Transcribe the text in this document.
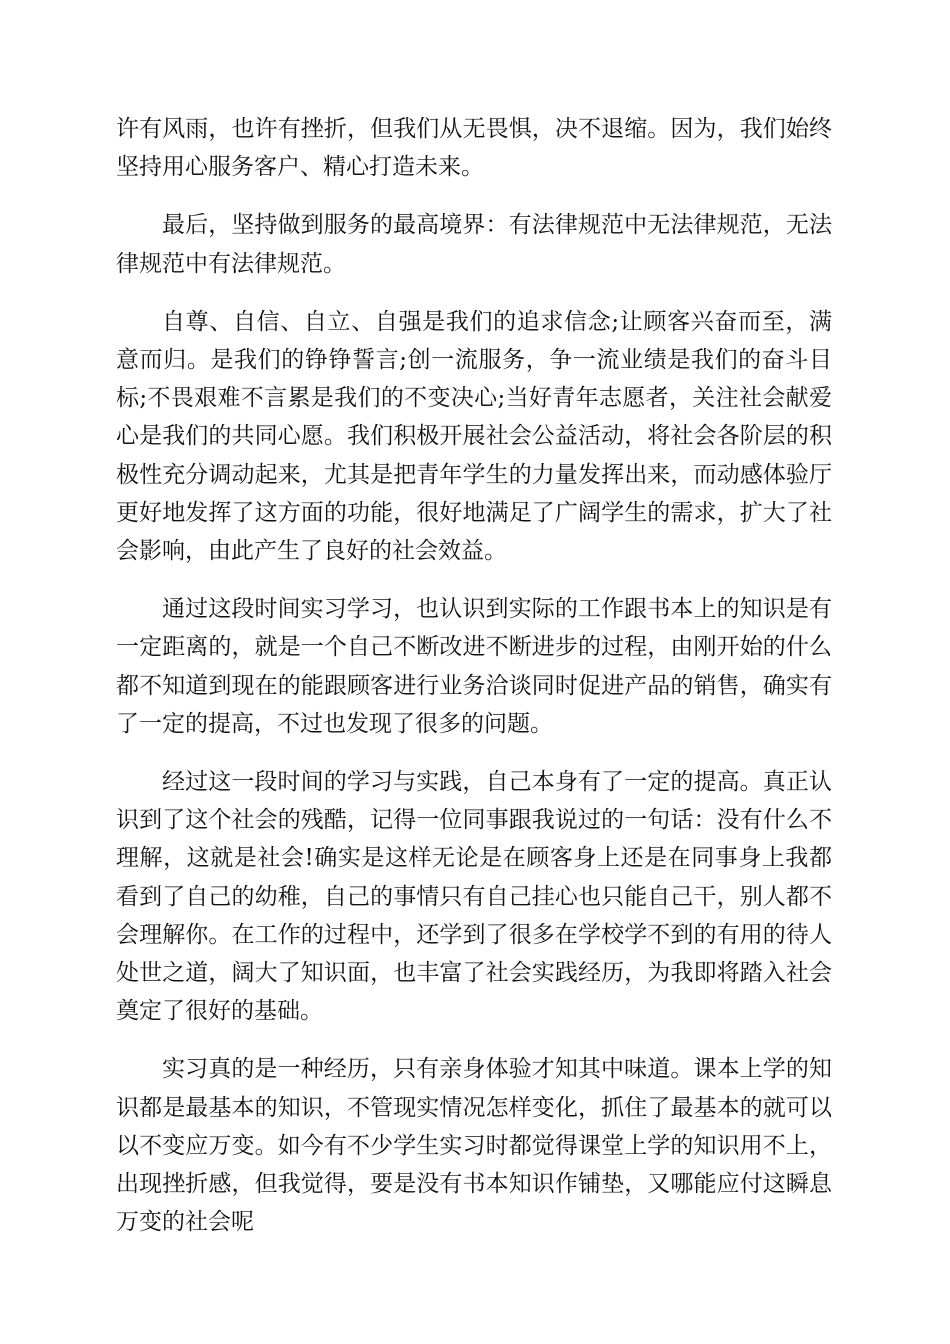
许有风雨，也许有挫折，但我们从无畏惧，决不退缩。因为，我们始终坚持用心服务客户、精心打造未来。

最后，坚持做到服务的最高境界：有法律规范中无法律规范，无法律规范中有法律规范。

自尊、自信、自立、自强是我们的追求信念;让顾客兴奋而至，满意而归。是我们的铮铮誓言;创一流服务，争一流业绩是我们的奋斗目标;不畏艰难不言累是我们的不变决心;当好青年志愿者，关注社会献爱心是我们的共同心愿。我们积极开展社会公益活动，将社会各阶层的积极性充分调动起来，尤其是把青年学生的力量发挥出来，而动感体验厅更好地发挥了这方面的功能，很好地满足了广阔学生的需求，扩大了社会影响，由此产生了良好的社会效益。

通过这段时间实习学习，也认识到实际的工作跟书本上的知识是有一定距离的，就是一个自己不断改进不断进步的过程，由刚开始的什么都不知道到现在的能跟顾客进行业务洽谈同时促进产品的销售，确实有了一定的提高，不过也发现了很多的问题。

经过这一段时间的学习与实践，自己本身有了一定的提高。真正认识到了这个社会的残酷，记得一位同事跟我说过的一句话：没有什么不理解，这就是社会!确实是这样无论是在顾客身上还是在同事身上我都看到了自己的幼稚，自己的事情只有自己挂心也只能自己干，别人都不会理解你。在工作的过程中，还学到了很多在学校学不到的有用的待人处世之道，阔大了知识面，也丰富了社会实践经历，为我即将踏入社会奠定了很好的基础。

实习真的是一种经历，只有亲身体验才知其中味道。课本上学的知识都是最基本的知识，不管现实情况怎样变化，抓住了最基本的就可以以不变应万变。如今有不少学生实习时都觉得课堂上学的知识用不上，出现挫折感，但我觉得，要是没有书本知识作铺垫，又哪能应付这瞬息万变的社会呢
